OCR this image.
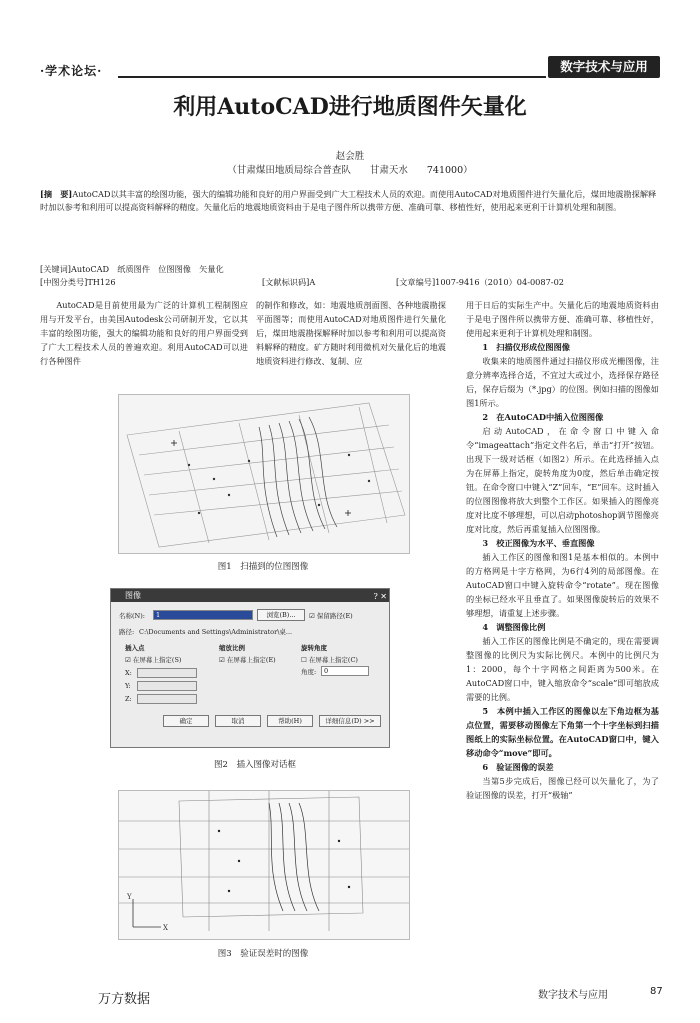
·学术论坛·	数字技术与应用
利用AutoCAD进行地质图件矢量化
赵会胜
（甘肃煤田地质局综合普查队　　甘肃天水　　741000）

[摘　要]AutoCAD以其丰富的绘图功能，强大的编辑功能和良好的用户界面受到广大工程技术人员的欢迎。而使用AutoCAD对地质图件进行矢量化后，煤田地震勘探解释时加以参考和利用可以提高资料解释的精度。矢量化后的地震地质资料由于是电子图件所以携带方便、准确可靠、移植性好，使用起来更利于计算机处理和制图。

[关键词]AutoCAD　纸质图件　位图图像　矢量化
[中图分类号]TH126	[文献标识码]A	[文章编号]1007-9416（2010）04-0087-02

AutoCAD是目前使用最为广泛的计算机工程制图应用与开发平台，由美国Autodesk公司研制开发，它以其丰富的绘图功能，强大的编辑功能和良好的用户界面受到了广大工程技术人员的普遍欢迎。利用AutoCAD可以进行各种图件

的制作和修改，如：地震地质剖面图、各种地震勘探平面图等；而使用AutoCAD对地质图件进行矢量化后，煤田地震勘探解释时加以参考和利用可以提高资料解释的精度。矿方随时利用微机对矢量化后的地震地质资料进行修改、复制、应

用于日后的实际生产中。矢量化后的地震地质资料由于是电子图件所以携带方便、准确可靠、移植性好，使用起来更利于计算机处理和制图。

1　扫描仪形成位图图像

收集来的地质图件通过扫描仪形成光栅图像，注意分辨率选择合适，不宜过大或过小，选择保存路径后，保存后缀为（*.jpg）的位图。例如扫描的图像如图1所示。

2　在AutoCAD中插入位图图像

启动AutoCAD，在命令窗口中键入命令“imageattach”指定文件名后，单击“打开”按钮。出现下一级对话框（如图2）所示。在此选择插入点为在屏幕上指定，旋转角度为0度，然后单击确定按钮。在命令窗口中键入“Z”回车，“E”回车。这时插入的位图图像将放大到整个工作区。如果插入的图像亮度对比度不够理想，可以启动photoshop调节图像亮度对比度，然后再重复插入位图图像。

3　校正图像为水平、垂直图像

插入工作区的图像和图1是基本相似的。本例中的方格网是十字方格网，为6行4列的局部图像。在AutoCAD窗口中键入旋转命令“rotate”。现在图像的坐标已经水平且垂直了。如果图像旋转后的效果不够理想，请重复上述步骤。

4　调整图像比例

插入工作区的图像比例是不确定的，现在需要调整图像的比例尺为实际比例尺。本例中的比例尺为1：2000，每个十字网格之间距离为500米。在AutoCAD窗口中，键入缩放命令“scale”即可缩放成需要的比例。

5　本例中插入工作区的图像以左下角边框为基点位置，需要移动图像左下角第一个十字坐标到扫描图纸上的实际坐标位置。在AutoCAD窗口中，键入移动命令“move”即可。

6　验证图像的误差

当第5步完成后，图像已经可以矢量化了，为了验证图像的误差，打开“极轴”

图1　扫描到的位图图像
图像	? ✕
名称(N): 1	浏览(B)...	☑ 保留路径(E)
路径: C:\Documents and Settings\Administrator\桌...
插入点	缩放比例	旋转角度
☑ 在屏幕上指定(S)	☑ 在屏幕上指定(E)	☐ 在屏幕上指定(C)
角度: 0
X:
Y:
Z:
确定	取消	帮助(H)	详细信息(D) >>
图2　插入图像对话框
Y
X
图3　验证误差时的图像
万方数据	数字技术与应用	87
